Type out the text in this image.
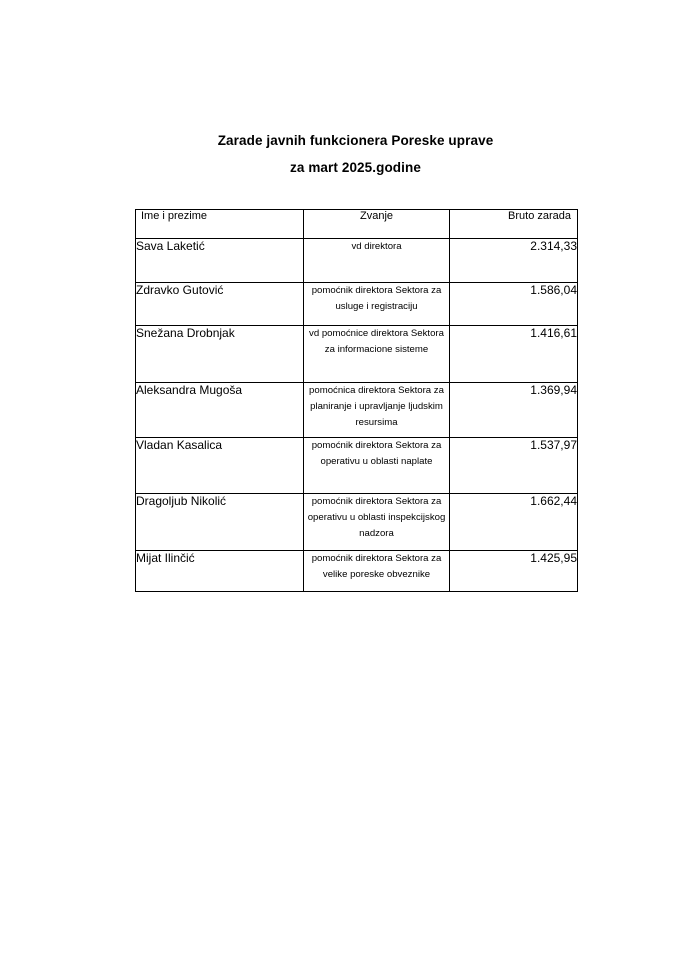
Zarade javnih funkcionera Poreske uprave
za mart 2025.godine
Ime i prezime	Zvanje	Bruto zarada
Sava Laketić	vd direktora	2.314,33
Zdravko Gutović	pomoćnik direktora Sektora za usluge i registraciju	1.586,04
Snežana Drobnjak	vd pomoćnice direktora Sektora za informacione sisteme	1.416,61
Aleksandra Mugoša	pomoćnica direktora Sektora za planiranje i upravljanje ljudskim resursima	1.369,94
Vladan Kasalica	pomoćnik direktora Sektora za operativu u oblasti naplate	1.537,97
Dragoljub Nikolić	pomoćnik direktora Sektora za operativu u oblasti inspekcijskog nadzora	1.662,44
Mijat Ilinčić	pomoćnik direktora Sektora za velike poreske obveznike	1.425,95
